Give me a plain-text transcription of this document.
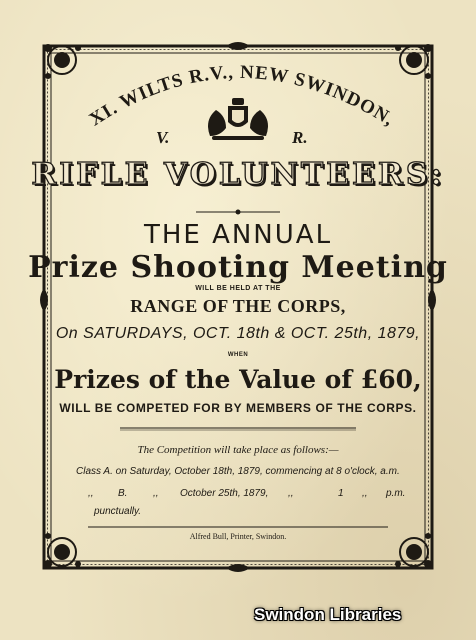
XI. WILTS R.V., NEW SWINDON,
V.	R.
RIFLE VOLUNTEERS:
THE ANNUAL
Prize Shooting Meeting
WILL BE HELD AT THE
RANGE OF THE CORPS,
On SATURDAYS, OCT. 18th & OCT. 25th, 1879,
WHEN
Prizes of the Value of £60,
WILL BE COMPETED FOR BY MEMBERS OF THE CORPS.
The Competition will take place as follows:—
Class A. on Saturday, October 18th, 1879, commencing at 8 o'clock, a.m.
,, B.	,, October 25th, 1879, ,,	1 ,, p.m.
punctually.
Alfred Bull, Printer, Swindon.
Swindon Libraries
